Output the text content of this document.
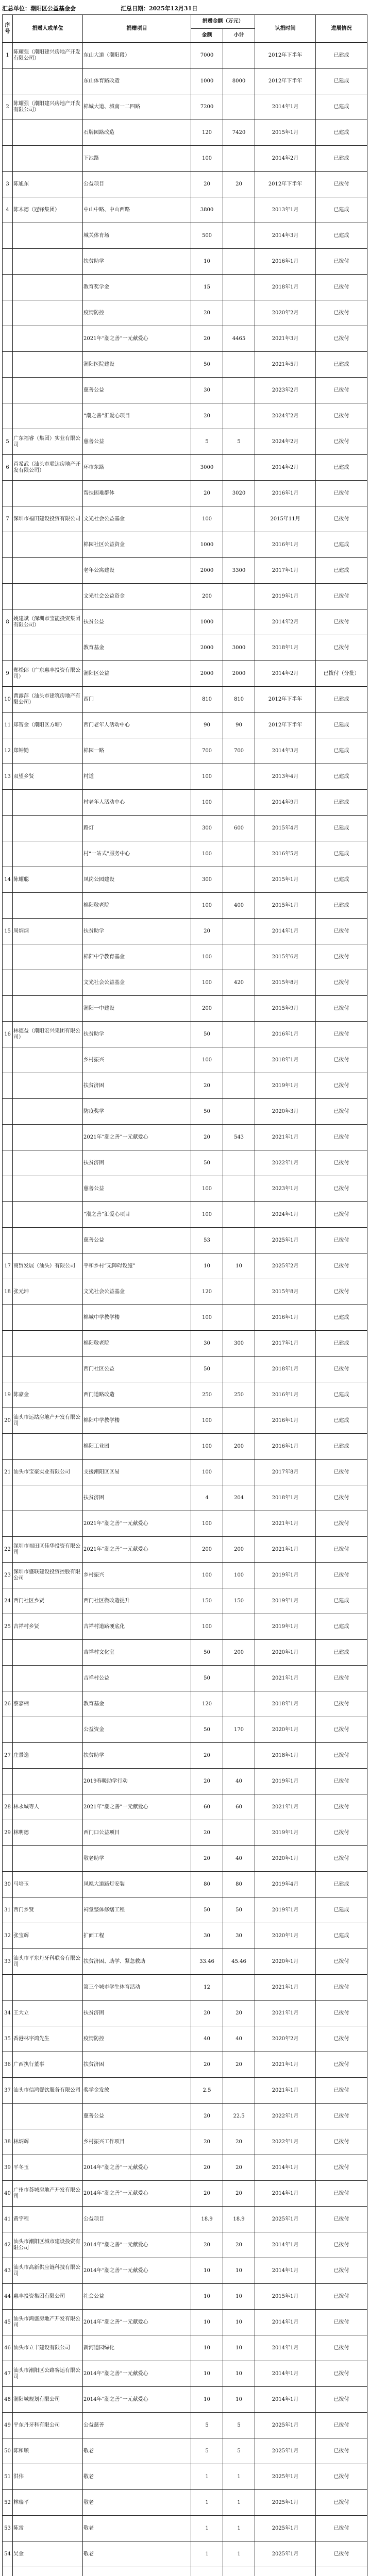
汇总单位：潮阳区公益基金会	汇总日期：2025年12月31日
序号	捐赠人或单位	捐赠项目	捐赠金额（万元）		认捐时间	进展情况
			金额	小计		
1	陈耀强（潮阳建兴房地产开发有限公司）	东山大道（潮阳段）	7000		2012年下半年	已建成
		东山体育路改造	1000	8000	2012年下半年	已建成
2	陈耀强（潮阳建兴房地产开发有限公司）	棉城大道、城南一二四路	7200		2014年1月	已建成
		石牌园路改造	120	7420	2015年1月	已建成
		下池路	100		2014年2月	已建成
3	陈旭东	公益项目	20	20	2012年下半年	已拨付
4	陈木德（冠锋集团）	中山中路、中山西路	3800		2013年1月	已建成
		城关体育场	500		2014年3月	已建成
		扶贫助学	10		2016年1月	已拨付
		教育奖学金	15		2018年1月	已拨付
		疫情防控	20		2020年2月	已拨付
		2021年“潮之善”一元献爱心	20	4465	2021年3月	已拨付
		潮阳医院建设	50		2021年5月	已建成
		慈善公益	30		2023年2月	已拨付
		“潮之善”汇爱心项目	20		2024年2月	已拨付
5	广东福睿（集团）实业有限公司	慈善公益	5	5	2024年2月	已拨付
6	肖希武（汕头市联达房地产开发有限公司）	环市东路	3000		2014年2月	已建成
		帮扶困难群体	20	3020	2016年1月	已拨付
7	深圳市福田建设投资有限公司	文光社会公益基金	100		2015年11月	已拨付
		棉园社区公益资金	1000		2016年1月	已建成
		老年公寓建设	2000	3300	2017年1月	已建成
		文光社会公益资金	200		2019年1月	已拨付
8	姚建斌（深圳市宝能投资集团有限公司）	扶贫公益	1000		2014年2月	已拨付
		教育基金	2000	3000	2018年1月	已拨付
9	郑松郎（广东惠丰投资有限公司）	潮阳区公益	2000	2000	2014年2月	已拨付（分批）
10	曹露萍（汕头市建筑房地产有限公司）	西门	810	810	2012年下半年	已建成
11	郑智金（潮阳区方塘）	西门老年人活动中心	90	90	2012年下半年	已建成
12	郑钟勤	棉园一路	700	700	2014年3月	已建成
13	双望乡贤	村道	100		2013年4月	已建成
		村老年人活动中心	100		2014年9月	已建成
		路灯	300	600	2015年4月	已建成
		村“一站式”服务中心	100		2016年5月	已建成
14	陈耀聪	凤岗公园建设	300		2015年1月	已建成
		棉阳敬老院	100	400	2015年1月	已建成
15	周炳炳	扶贫助学	20		2014年1月	已拨付
		棉阳中学教育基金	100		2015年6月	已拨付
		文光社会公益基金	100	420	2015年8月	已拨付
		潮阳一中建设	200		2015年9月	已拨付
16	林德益（潮阳宏兴集团有限公司）	扶贫助学	50		2016年1月	已拨付
		乡村振兴	100		2018年1月	已拨付
		扶贫济困	20		2019年1月	已拨付
		防疫奖学	50		2020年3月	已拨付
		2021年“潮之善”一元献爱心	20	543	2021年1月	已拨付
		扶贫济困	50		2022年1月	已拨付
		慈善公益	100		2023年1月	已拨付
		“潮之善”汇爱心项目	100		2024年1月	已拨付
		慈善公益	53		2025年1月	已拨付
17	商贸发展（汕头）有限公司	平和乡村“无障碍设施”	10	10	2025年2月	已拨付
18	张元坤	文光社会公益基金	120		2015年8月	已拨付
		棉城中学教学楼	100		2016年1月	已建成
		棉阳敬老院	30	300	2017年1月	已建成
		西门社区公益	50		2018年1月	已拨付
19	陈豪金	西门道路改造	250	250	2016年1月	已建成
20	汕头市运站房地产开发有限公司	棉阳中学教学楼	100		2016年1月	已建成
		棉阳工业园	100	200	2016年1月	已建成
21	汕头市宝豪实业有限公司	支援潮阳区区易	100		2017年8月	已拨付
		扶贫济困	4	204	2018年1月	已拨付
		2021年“潮之善”一元献爱心	100		2021年1月	已拨付
22	深圳市福田区佳华投资有限公司	2021年“潮之善”一元献爱心	200	200	2021年1月	已拨付
23	深圳市盛联建设投资控股有限公司	乡村振兴	100	100	2019年1月	已拨付
24	西门社区乡贤	西门社区微改造提升	150	150	2019年1月	已建成
25	吉祥村乡贤	吉祥村道路硬底化	100		2019年1月	已建成
		吉祥村文化室	50	200	2020年1月	已建成
		吉祥村公益	50		2021年1月	已拨付
26	蔡嘉楠	教育基金	120		2018年1月	已拨付
		公益资金	50	170	2020年1月	已拨付
27	庄景逸	扶贫助学	20		2018年1月	已拨付
		2019春暖助学行动	20	40	2019年1月	已拨付
28	林永城等人	2021年“潮之善”一元献爱心	60	60	2021年1月	已拨付
29	林明德	西门口公益项目	20		2019年1月	已拨付
		敬老助学	20	40	2020年1月	已拨付
30	马培玉	凤凰大道路灯安装	80	80	2019年4月	已建成
31	西门乡贤	祠堂整体修缮工程	50	50	2019年1月	已建成
32	张宝辉	扩面工程	30	30	2020年1月	已建成
33	汕头市平东丹牙科联合有限公司	扶贫济困、助学、紧急救助	33.46	45.46	2020年1月	已拨付
		第三个城市学生体育活动	12		2021年1月	已拨付
34	王大立	扶贫济困	20	20	2021年1月	已拨付
35	香港林宇鸿先生	疫情防控	40	40	2020年2月	已拨付
36	广西执行董事	扶贫济困	20	20	2021年1月	已拨付
37	汕头市信鸿餐饮服务有限公司	奖学金发放	2.5		2021年1月	已拨付
		慈善公益	20	22.5	2022年1月	已拨付
38	林炳辉	乡村振兴工作项目	20	20	2022年1月	已拨付
39	平冬玉	2014年“潮之善”一元献爱心	20	20	2014年1月	已拨付
40	广州市荟城房地产开发有限公司	2014年“潮之善”一元献爱心	20	20	2014年1月	已拨付
41	黄宇程	公益项目	18.9	18.9	2025年1月	已拨付
42	汕头市潮阳区城市建设投资有限公司	2014年“潮之善”一元献爱心	20	20	2014年1月	已拨付
43	汕头市高新供应链科技有限公司	2014年“潮之善”一元献爱心	10	10	2014年1月	已拨付
44	惠丰投资集团有限公司	社会公益	10	10	2015年1月	已拨付
45	汕头市鸿盛房地产开发有限公司	2014年“潮之善”一元献爱心	10	10	2014年1月	已拨付
46	汕头市立丰建设有限公司	新河道园绿化	10	10	2014年1月	已拨付
47	汕头市潮阳区公路客运有限公司	2014年“潮之善”一元献爱心	10	10	2014年1月	已拨付
48	潮阳城规划有限公司	2014年“潮之善”一元献爱心	10	10	2014年1月	已拨付
49	平东丹牙科有限公司	公益慈善	5	5	2025年1月	已拨付
50	陈和顺	敬老	5	5	2025年1月	已拨付
51	洪伟	敬老	1	1	2025年1月	已拨付
52	林瑞平	敬老	1	1	2025年1月	已拨付
53	陈雷	敬老	1	1	2025年1月	已拨付
54	吴金	敬老	1	1	2025年1月	已拨付
